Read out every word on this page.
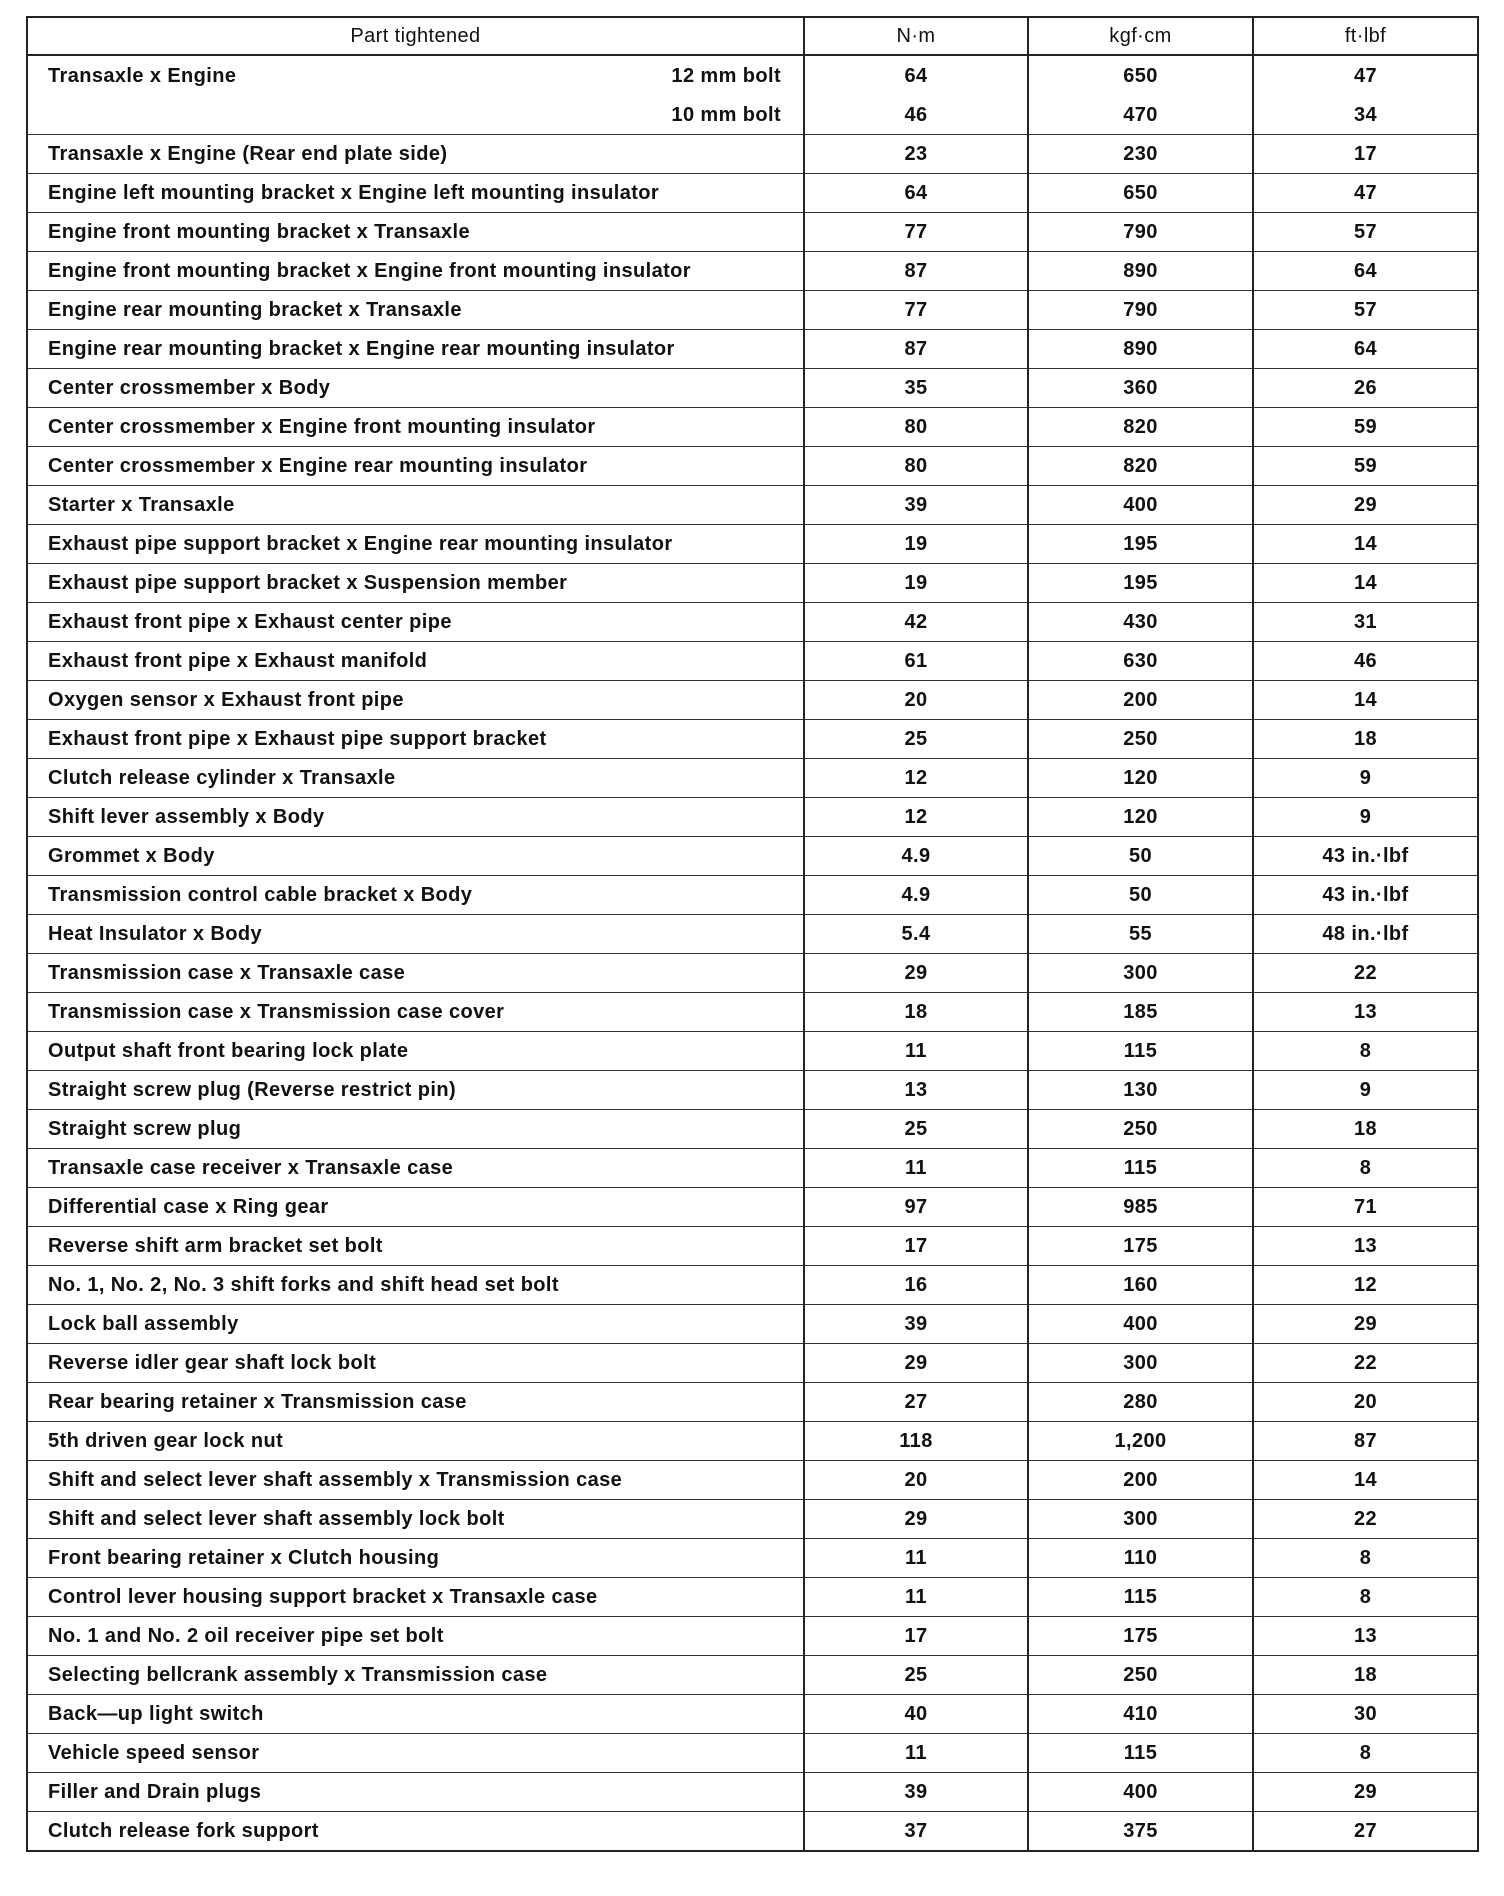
Part tightened	N·m	kgf·cm	ft·lbf

Transaxle x Engine 12 mm bolt	64	650	47

10 mm bolt	46	470	34
Transaxle x Engine (Rear end plate side)	23	230	17
Engine left mounting bracket x Engine left mounting insulator	64	650	47
Engine front mounting bracket x Transaxle	77	790	57
Engine front mounting bracket x Engine front mounting insulator	87	890	64
Engine rear mounting bracket x Transaxle	77	790	57
Engine rear mounting bracket x Engine rear mounting insulator	87	890	64
Center crossmember x Body	35	360	26
Center crossmember x Engine front mounting insulator	80	820	59
Center crossmember x Engine rear mounting insulator	80	820	59
Starter x Transaxle	39	400	29
Exhaust pipe support bracket x Engine rear mounting insulator	19	195	14
Exhaust pipe support bracket x Suspension member	19	195	14
Exhaust front pipe x Exhaust center pipe	42	430	31
Exhaust front pipe x Exhaust manifold	61	630	46
Oxygen sensor x Exhaust front pipe	20	200	14
Exhaust front pipe x Exhaust pipe support bracket	25	250	18
Clutch release cylinder x Transaxle	12	120	9
Shift lever assembly x Body	12	120	9
Grommet x Body	4.9	50	43 in.·lbf
Transmission control cable bracket x Body	4.9	50	43 in.·lbf
Heat Insulator x Body	5.4	55	48 in.·lbf
Transmission case x Transaxle case	29	300	22
Transmission case x Transmission case cover	18	185	13
Output shaft front bearing lock plate	11	115	8
Straight screw plug (Reverse restrict pin)	13	130	9
Straight screw plug	25	250	18
Transaxle case receiver x Transaxle case	11	115	8
Differential case x Ring gear	97	985	71
Reverse shift arm bracket set bolt	17	175	13
No. 1, No. 2, No. 3 shift forks and shift head set bolt	16	160	12
Lock ball assembly	39	400	29
Reverse idler gear shaft lock bolt	29	300	22
Rear bearing retainer x Transmission case	27	280	20
5th driven gear lock nut	118	1,200	87
Shift and select lever shaft assembly x Transmission case	20	200	14
Shift and select lever shaft assembly lock bolt	29	300	22
Front bearing retainer x Clutch housing	11	110	8
Control lever housing support bracket x Transaxle case	11	115	8
No. 1 and No. 2 oil receiver pipe set bolt	17	175	13
Selecting bellcrank assembly x Transmission case	25	250	18
Back—up light switch	40	410	30
Vehicle speed sensor	11	115	8
Filler and Drain plugs	39	400	29
Clutch release fork support	37	375	27
